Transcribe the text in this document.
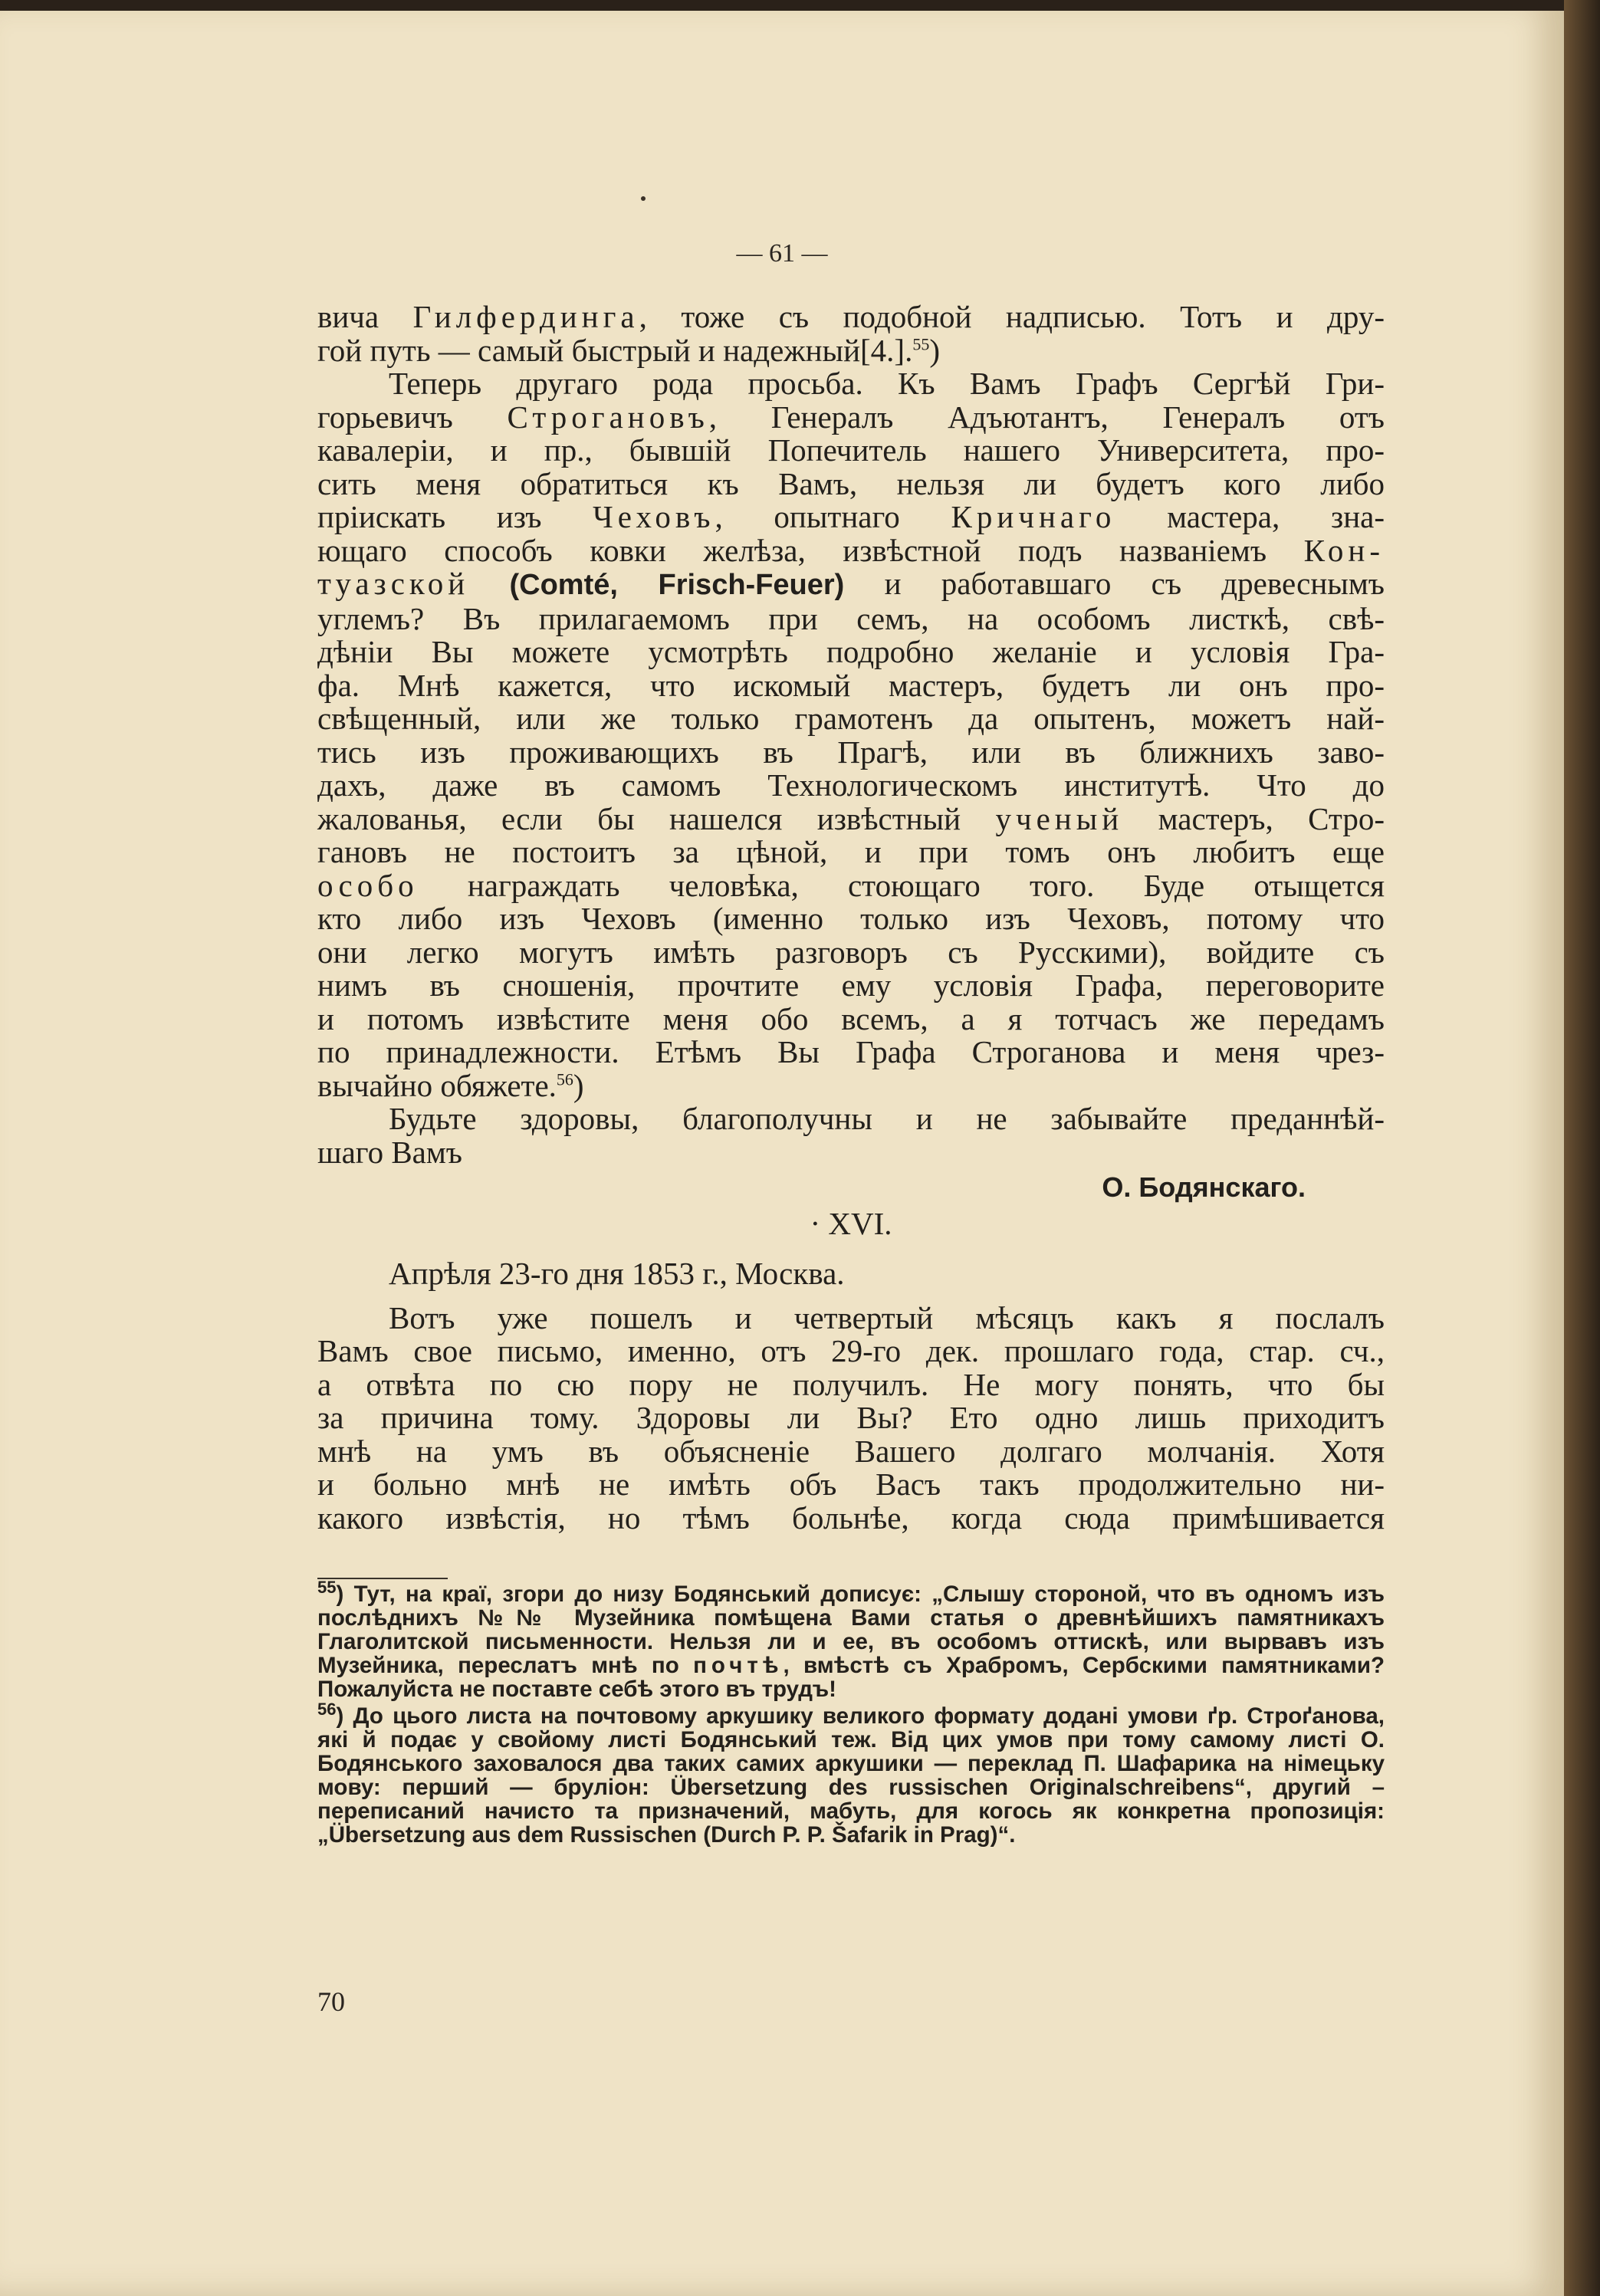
— 61 —

вича Гилфердинга, тоже съ подобной надписью. Тотъ и дру-
гой путь — самый быстрый и надежный[4.].$^{55}$)

Теперь другаго рода просьба. Къ Вамъ Графъ Сергѣй Гри-
горьевичъ Строгановъ, Генералъ Адъютантъ, Генералъ отъ
кавалеріи, и пр., бывшій Попечитель нашего Университета, про-
сить меня обратиться къ Вамъ, нельзя ли будетъ кого либо
пріискать изъ Чеховъ, опытнаго Кричнаго мастера, зна-
ющаго способъ ковки желѣза, извѣстной подъ названіемъ Кон-
туазской (Comté, Frisch-Feuer) и работавшаго съ древеснымъ
углемъ? Въ прилагаемомъ при семъ, на особомъ листкѣ, свѣ-
дѣніи Вы можете усмотрѣть подробно желаніе и условія Гра-
фа. Мнѣ кажется, что искомый мастеръ, будетъ ли онъ про-
свѣщенный, или же только грамотенъ да опытенъ, можетъ най-
тись изъ проживающихъ въ Прагѣ, или въ ближнихъ заво-
дахъ, даже въ самомъ Технологическомъ институтѣ. Что до
жалованья, если бы нашелся извѣстный ученый мастеръ, Стро-
гановъ не постоитъ за цѣной, и при томъ онъ любитъ еще
особо награждать человѣка, стоющаго того. Буде отыщется
кто либо изъ Чеховъ (именно только изъ Чеховъ, потому что
они легко могутъ имѣть разговоръ съ Русскими), войдите съ
нимъ въ сношенія, прочтите ему условія Графа, переговорите
и потомъ извѣстите меня обо всемъ, а я тотчасъ же передамъ
по принадлежности. Етѣмъ Вы Графа Строганова и меня чрез-
вычайно обяжете.$^{56}$)

Будьте здоровы, благополучны и не забывайте преданнѣй-
шаго Вамъ

О. Бодянскаго.
· XVI.
Апрѣля 23-го дня 1853 г., Москва.

Вотъ уже пошелъ и четвертый мѣсяцъ какъ я послалъ
Вамъ свое письмо, именно, отъ 29-го дек. прошлаго года, стар. сч.,
а отвѣта по сю пору не получилъ. Не могу понять, что бы
за причина тому. Здоровы ли Вы? Ето одно лишь приходитъ
мнѣ на умъ въ объясненіе Вашего долгаго молчанія. Хотя
и больно мнѣ не имѣть объ Васъ такъ продолжительно ни-
какого извѣстія, но тѣмъ больнѣе, когда сюда примѣшивается

$^{55}$) Тут, на краї, згори до низу Бодянський дописує: „Слышу стороной, что въ одномъ изъ послѣднихъ №№ Музейника помѣщена Вами статья о древнѣйшихъ памятникахъ Глаголитской письменности. Нельзя ли и ее, въ особомъ оттискѣ, или вырвавъ изъ Музейника, переслатъ мнѣ по почтѣ, вмѣстѣ съ Храбромъ, Сербскими памятниками? Пожалуйста не поставте себѣ этого въ трудъ!

$^{56}$) До цього листа на почтовому аркушику великого формату додані умови ґр. Строґанова, які й подає у свойому листі Бодянський теж. Від цих умов при тому самому листі О. Бодянського заховалося два таких самих аркушики — переклад П. Шафарика на німецьку мову: перший — бруліон: Übersetzung des russischen Originalschreibens“, другий – переписаний начисто та призначений, мабуть, для когось як конкретна пропозиція: „Übersetzung aus dem Russischen (Durch P. P. Šafarik in Prag)“.

70
